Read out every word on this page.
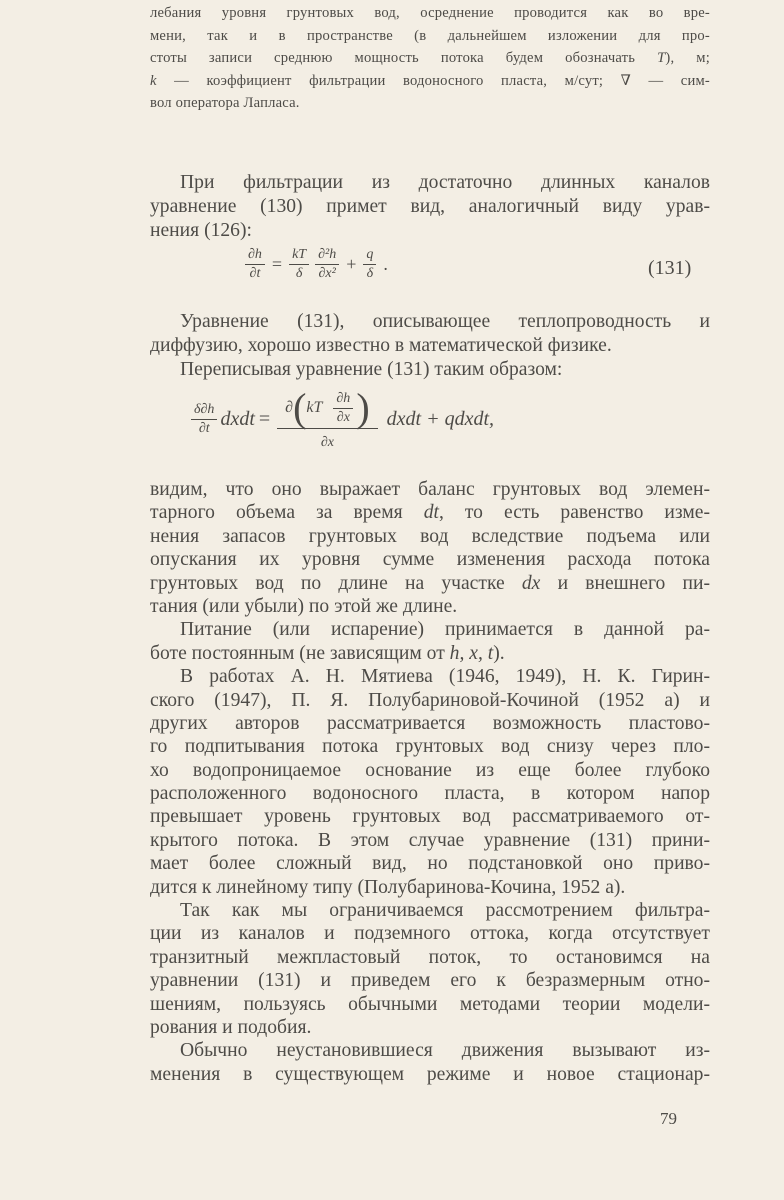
лебания уровня грунтовых вод, осреднение проводится как во вре-
мени, так и в пространстве (в дальнейшем изложении для про-
стоты записи среднюю мощность потока будем обозначать T), м;
k — коэффициент фильтрации водоносного пласта, м/сут; ∇ — сим-
вол оператора Лапласа.
При фильтрации из достаточно длинных каналов
уравнение (130) примет вид, аналогичный виду урав-
нения (126):
$\frac{\partial h}{\partial t} = \frac{kT}{\delta} \frac{\text{∂²h}}{\text{∂x²}} + \frac{q}{\delta}$ .	(131)
Уравнение (131), описывающее теплопроводность и
диффузию, хорошо известно в математической физике.
Переписывая уравнение (131) таким образом:
$\frac{\delta\partial h}{\partial t}$ dxdt = $\frac{\partial ( kT \frac{\partial h}{\partial x} )}{\partial x}$ dxdt + qdxdt,
видим, что оно выражает баланс грунтовых вод элемен-
тарного объема за время dt, то есть равенство изме-
нения запасов грунтовых вод вследствие подъема или
опускания их уровня сумме изменения расхода потока
грунтовых вод по длине на участке dx и внешнего пи-
тания (или убыли) по этой же длине.
Питание (или испарение) принимается в данной ра-
боте постоянным (не зависящим от h, x, t).
В работах А. Н. Мятиева (1946, 1949), Н. К. Гирин-
ского (1947), П. Я. Полубариновой-Кочиной (1952 а) и
других авторов рассматривается возможность пластово-
го подпитывания потока грунтовых вод снизу через пло-
хо водопроницаемое основание из еще более глубоко
расположенного водоносного пласта, в котором напор
превышает уровень грунтовых вод рассматриваемого от-
крытого потока. В этом случае уравнение (131) прини-
мает более сложный вид, но подстановкой оно приво-
дится к линейному типу (Полубаринова-Кочина, 1952 а).
Так как мы ограничиваемся рассмотрением фильтра-
ции из каналов и подземного оттока, когда отсутствует
транзитный межпластовый поток, то остановимся на
уравнении (131) и приведем его к безразмерным отно-
шениям, пользуясь обычными методами теории модели-
рования и подобия.
Обычно неустановившиеся движения вызывают из-
менения в существующем режиме и новое стационар-
79
